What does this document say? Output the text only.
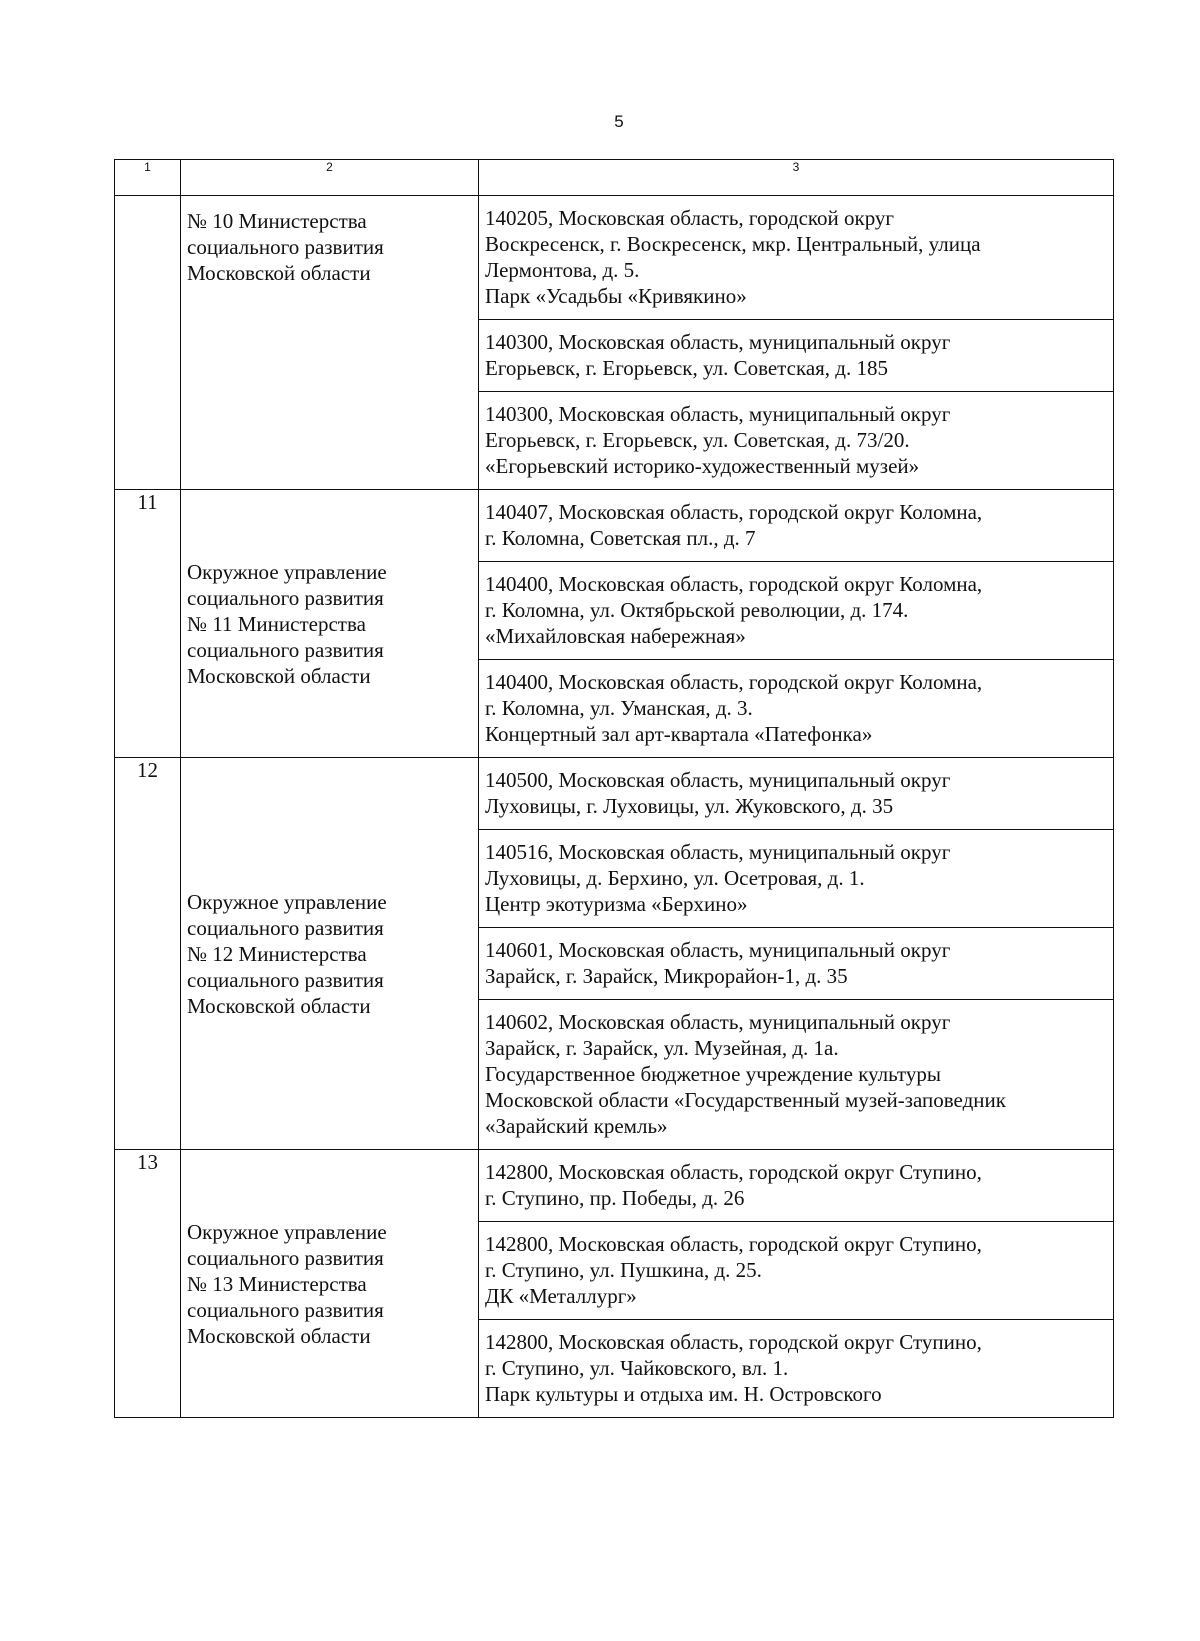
5
1	2	3

	№ 10 Министерства
социального развития
Московской области	140205, Московская область, городской округ
Воскресенск, г. Воскресенск, мкр. Центральный, улица
Лермонтова, д. 5.
Парк «Усадьбы «Кривякино»

		140300, Московская область, муниципальный округ
Егорьевск, г. Егорьевск, ул. Советская, д. 185

		140300, Московская область, муниципальный округ
Егорьевск, г. Егорьевск, ул. Советская, д. 73/20.
«Егорьевский историко-художественный музей»

11	Окружное управление
социального развития
№ 11 Министерства
социального развития
Московской области	140407, Московская область, городской округ Коломна,
г. Коломна, Советская пл., д. 7

		140400, Московская область, городской округ Коломна,
г. Коломна, ул. Октябрьской революции, д. 174.
«Михайловская набережная»

		140400, Московская область, городской округ Коломна,
г. Коломна, ул. Уманская, д. 3.
Концертный зал арт-квартала «Патефонка»

12	Окружное управление
социального развития
№ 12 Министерства
социального развития
Московской области	140500, Московская область, муниципальный округ
Луховицы, г. Луховицы, ул. Жуковского, д. 35

		140516, Московская область, муниципальный округ
Луховицы, д. Берхино, ул. Осетровая, д. 1.
Центр экотуризма «Берхино»

		140601, Московская область, муниципальный округ
Зарайск, г. Зарайск, Микрорайон-1, д. 35

		140602, Московская область, муниципальный округ
Зарайск, г. Зарайск, ул. Музейная, д. 1а.
Государственное бюджетное учреждение культуры
Московской области «Государственный музей-заповедник
«Зарайский кремль»

13	Окружное управление
социального развития
№ 13 Министерства
социального развития
Московской области	142800, Московская область, городской округ Ступино,
г. Ступино, пр. Победы, д. 26

		142800, Московская область, городской округ Ступино,
г. Ступино, ул. Пушкина, д. 25.
ДК «Металлург»

		142800, Московская область, городской округ Ступино,
г. Ступино, ул. Чайковского, вл. 1.
Парк культуры и отдыха им. Н. Островского
